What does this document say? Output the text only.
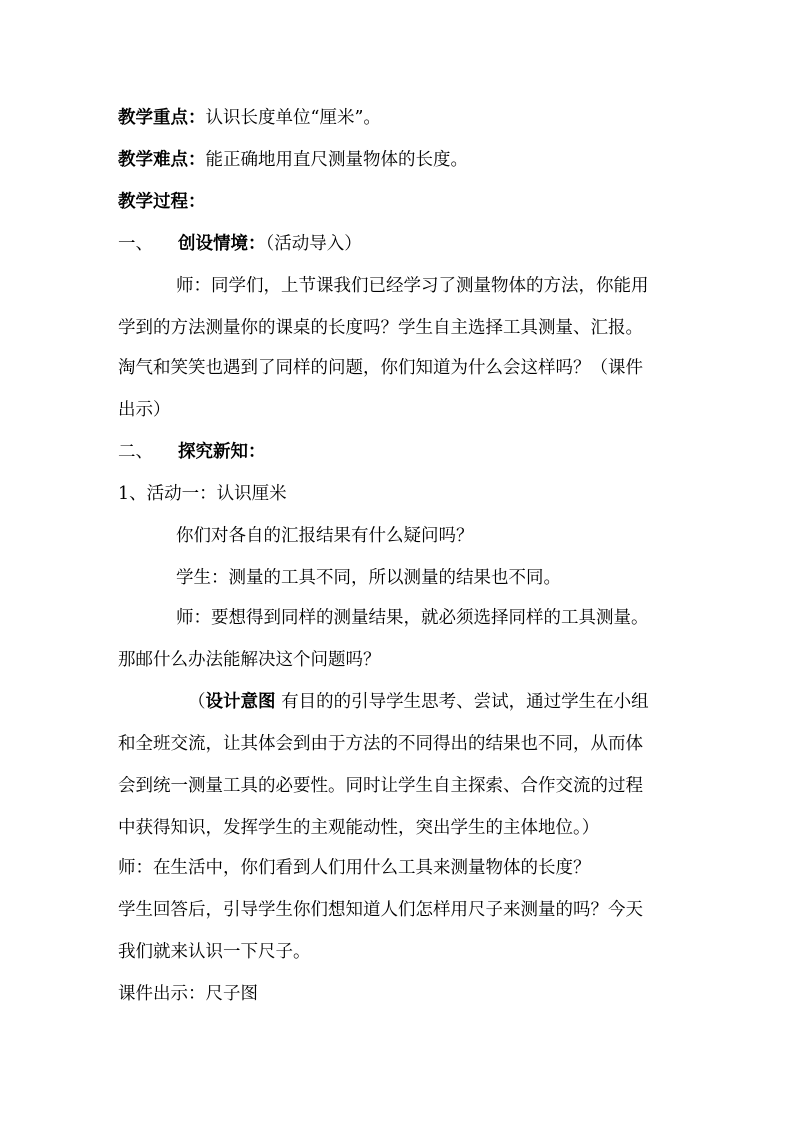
教学重点：认识长度单位“厘米”。
教学难点：能正确地用直尺测量物体的长度。
教学过程：
一、 创设情境：（活动导入）
师：同学们，上节课我们已经学习了测量物体的方法，你能用
学到的方法测量你的课桌的长度吗？学生自主选择工具测量、汇报。
淘气和笑笑也遇到了同样的问题，你们知道为什么会这样吗？（课件
出示）
二、 探究新知：
1、活动一：认识厘米
你们对各自的汇报结果有什么疑问吗？
学生：测量的工具不同，所以测量的结果也不同。
师：要想得到同样的测量结果，就必须选择同样的工具测量。
那邮什么办法能解决这个问题吗？
（设计意图 有目的的引导学生思考、尝试，通过学生在小组
和全班交流，让其体会到由于方法的不同得出的结果也不同，从而体
会到统一测量工具的必要性。同时让学生自主探索、合作交流的过程
中获得知识，发挥学生的主观能动性，突出学生的主体地位。）
师：在生活中，你们看到人们用什么工具来测量物体的长度？
学生回答后，引导学生你们想知道人们怎样用尺子来测量的吗？今天
我们就来认识一下尺子。
课件出示：尺子图
